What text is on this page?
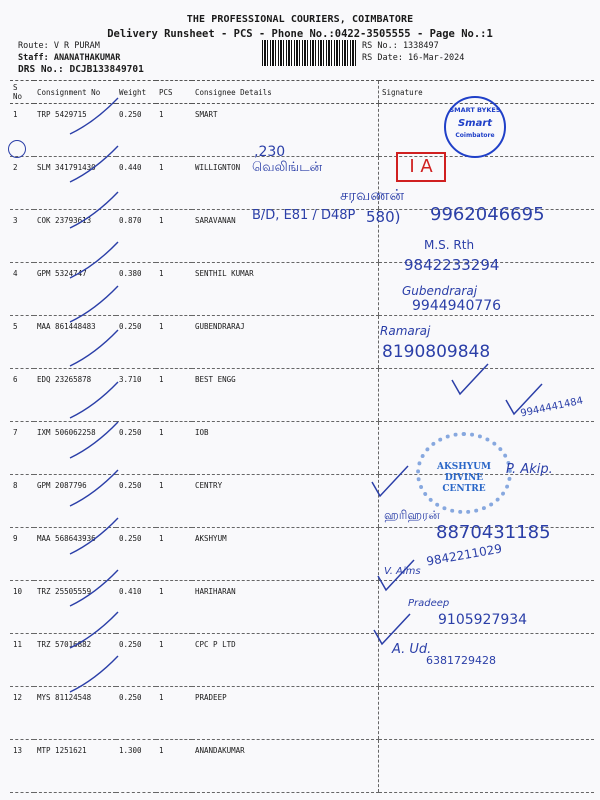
THE PROFESSIONAL COURIERS, COIMBATORE
Delivery Runsheet - PCS - Phone No.:0422-3505555 - Page No.:1
Route: V R PURAM
Staff: ANANATHAKUMAR
DRS No.: DCJB133849701
RS No.: 1338497
RS Date: 16-Mar-2024
S No	Consignment No	Weight	PCS	Consignee Details	Signature
1	TRP 5429715	0.250	1	SMART	
2	SLM 341791430	0.440	1	WILLIGNTON	
3	COK 23793613	0.870	1	SARAVANAN	
4	GPM 5324747	0.380	1	SENTHIL KUMAR	
5	MAA 861448483	0.250	1	GUBENDRARAJ	
6	EDQ 23265878	3.710	1	BEST ENGG	
7	IXM 506062258	0.250	1	IOB	
8	GPM 2087796	0.250	1	CENTRY	
9	MAA 568643936	0.250	1	AKSHYUM	
10	TRZ 25505559	0.410	1	HARIHARAN	
11	TRZ 57016882	0.250	1	CPC P LTD	
12	MYS 81124548	0.250	1	PRADEEP	
13	MTP 1251621	1.300	1	ANANDAKUMAR	
SMART BYKES
Smart
Coimbatore
,230
வெலிங்டன்	I A
B/D, E81 / D48P
சரவணன்
580) 9962046695
M.S. Rth
9842233294
Gubendraraj
9944940776
Ramaraj
8190809848
9944441484
AKSHYUM
DIVINE
CENTRE
P. Akip.
ஹரிஹரன்
8870431185
V. Aims
9842211029
Pradeep
9105927934
A. Ud.
6381729428
